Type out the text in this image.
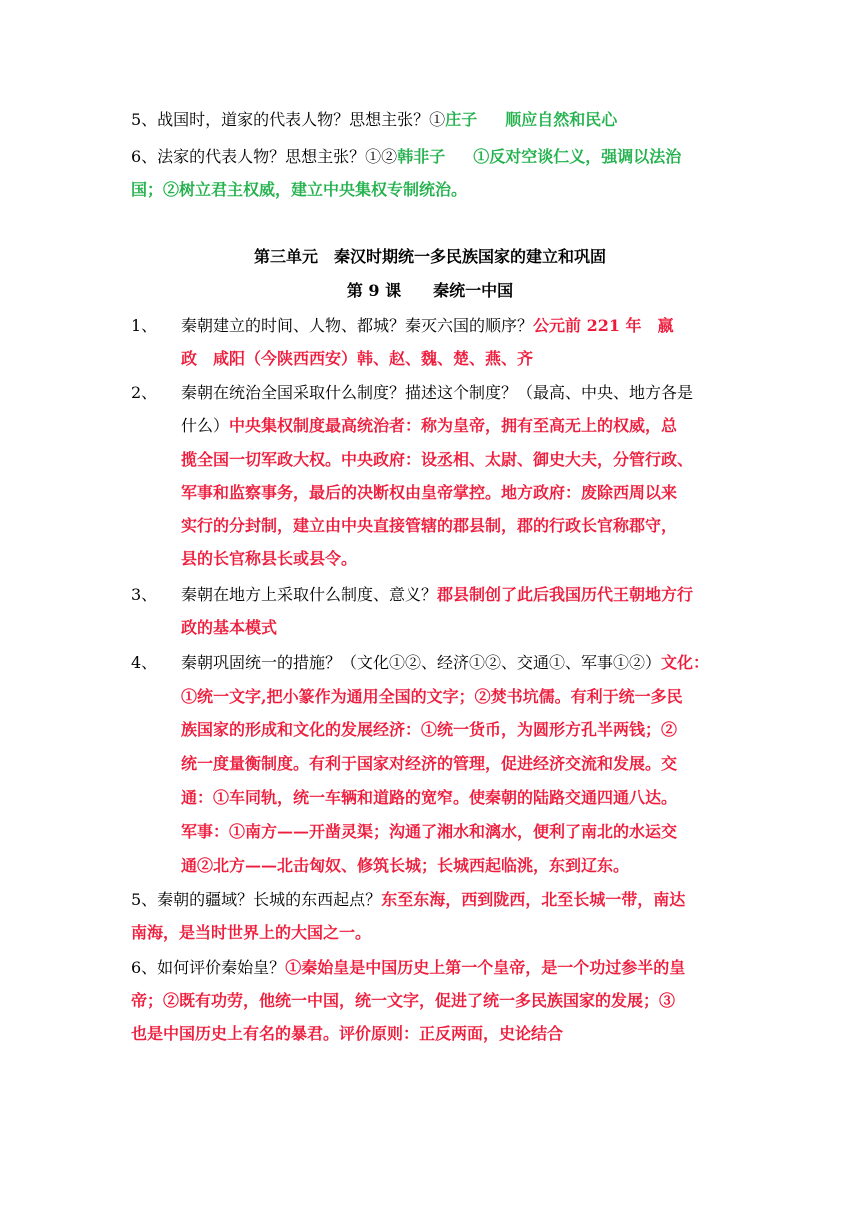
5、战国时，道家的代表人物？思想主张？①庄子 顺应自然和民心
6、法家的代表人物？思想主张？①②韩非子 ①反对空谈仁义，强调以法治
国；②树立君主权威，建立中央集权专制统治。
第三单元　秦汉时期统一多民族国家的建立和巩固
第 9 课　　秦统一中国
1、 秦朝建立的时间、人物、都城？秦灭六国的顺序？公元前 221 年　嬴
政　咸阳（今陕西西安）韩、赵、魏、楚、燕、齐
2、 秦朝在统治全国采取什么制度？描述这个制度？（最高、中央、地方各是
什么）中央集权制度最高统治者：称为皇帝，拥有至高无上的权威，总
揽全国一切军政大权。中央政府：设丞相、太尉、御史大夫，分管行政、
军事和监察事务，最后的决断权由皇帝掌控。地方政府：废除西周以来
实行的分封制，建立由中央直接管辖的郡县制，郡的行政长官称郡守，
县的长官称县长或县令。
3、 秦朝在地方上采取什么制度、意义？郡县制创了此后我国历代王朝地方行
政的基本模式
4、 秦朝巩固统一的措施？（文化①②、经济①②、交通①、军事①②）文化：
①统一文字,把小篆作为通用全国的文字；②焚书坑儒。有利于统一多民
族国家的形成和文化的发展经济：①统一货币，为圆形方孔半两钱；②
统一度量衡制度。有利于国家对经济的管理，促进经济交流和发展。交
通：①车同轨，统一车辆和道路的宽窄。使秦朝的陆路交通四通八达。
军事：①南方——开凿灵渠；沟通了湘水和漓水，便利了南北的水运交
通②北方——北击匈奴、修筑长城；长城西起临洮，东到辽东。
5、秦朝的疆域？长城的东西起点？东至东海，西到陇西，北至长城一带，南达
南海，是当时世界上的大国之一。
6、如何评价秦始皇？①秦始皇是中国历史上第一个皇帝，是一个功过参半的皇
帝；②既有功劳，他统一中国，统一文字，促进了统一多民族国家的发展；③
也是中国历史上有名的暴君。评价原则：正反两面，史论结合
